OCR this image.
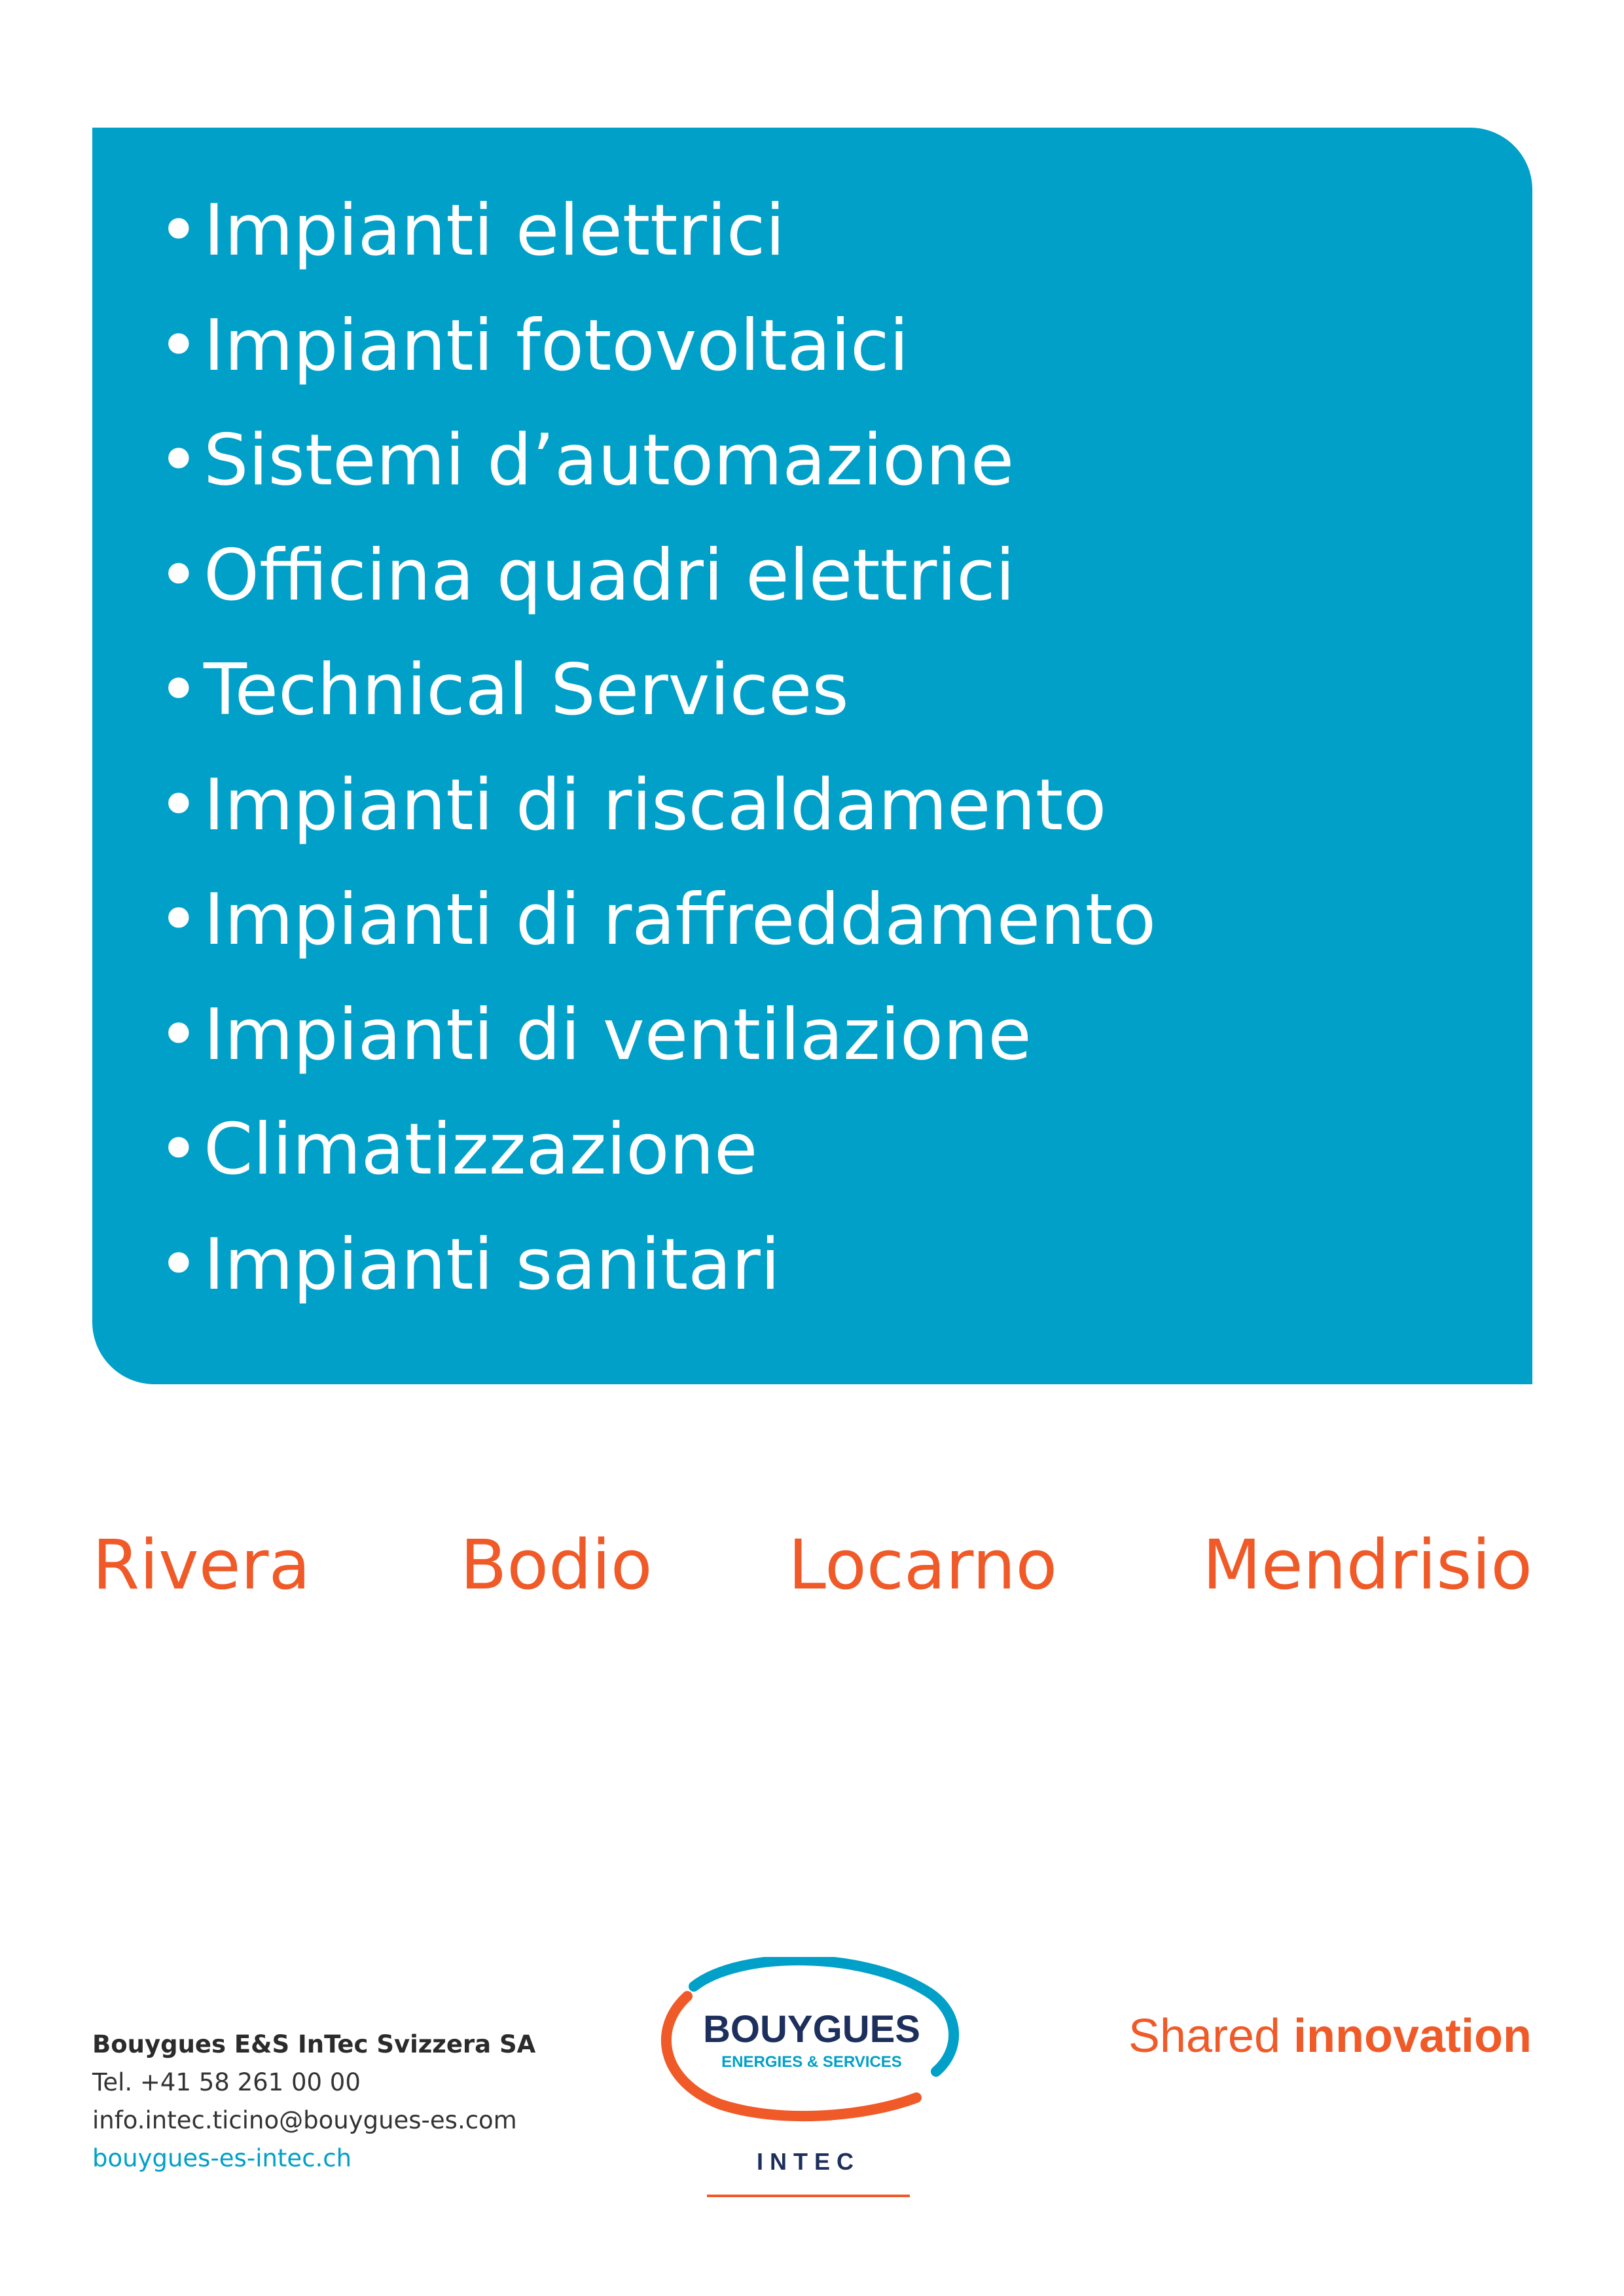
• Impianti elettrici
• Impianti fotovoltaici
• Sistemi dʼautomazione
• Officina quadri elettrici
• Technical Services
• Impianti di riscaldamento
• Impianti di raffreddamento
• Impianti di ventilazione
• Climatizzazione
• Impianti sanitari
Rivera Bodio Locarno Mendrisio
Bouygues E&S InTec Svizzera SA
Tel. +41 58 261 00 00
info.intec.ticino@bouygues-es.com
bouygues-es-intec.ch
BOUYGUES
ENERGIES & SERVICES
INTEC
Shared innovation
